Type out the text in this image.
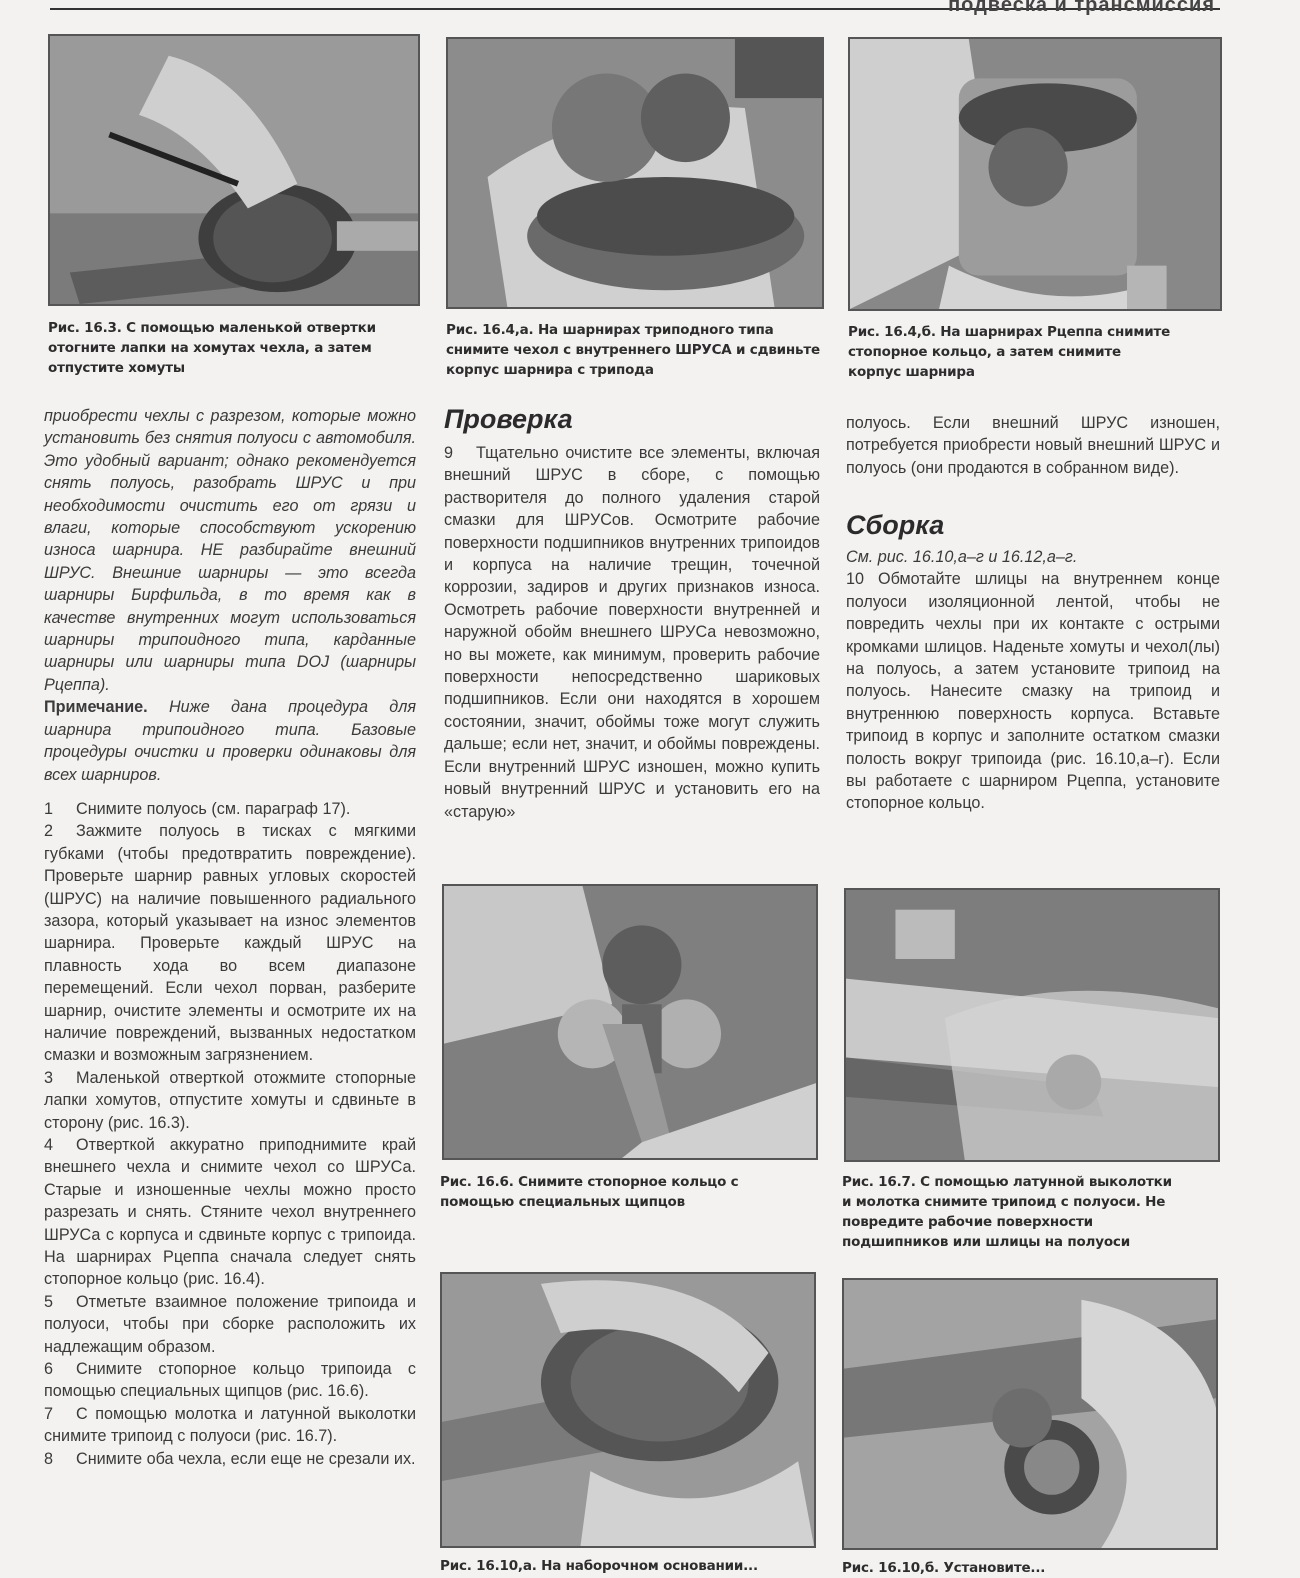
подвеска и трансмиссия
Рис. 16.3. С помощью маленькой отвертки отогните лапки на хомутах чехла, а затем отпустите хомуты
Рис. 16.4,а. На шарнирах триподного типа снимите чехол с внутреннего ШРУСА и сдвиньте корпус шарнира с трипода
Рис. 16.4,б. На шарнирах Рцеппа снимите стопорное кольцо, а затем снимите корпус шарнира

приобрести чехлы с разрезом, которые можно установить без снятия полуоси с автомобиля. Это удобный вариант; однако рекомендуется снять полуось, разобрать ШРУС и при необходимости очистить его от грязи и влаги, которые способствуют ускорению износа шарнира. НЕ разбирайте внешний ШРУС. Внешние шарниры — это всегда шарниры Бирфильда, в то время как в качестве внутренних могут использоваться шарниры трипоидного типа, карданные шарниры или шарниры типа DOJ (шарниры Рцеппа).

Примечание. Ниже дана процедура для шарнира трипоидного типа. Базовые процедуры очистки и проверки одинаковы для всех шарниров.

1 Снимите полуось (см. параграф 17).

2 Зажмите полуось в тисках с мягкими губками (чтобы предотвратить повреждение). Проверьте шарнир равных угловых скоростей (ШРУС) на наличие повышенного радиального зазора, который указывает на износ элементов шарнира. Проверьте каждый ШРУС на плавность хода во всем диапазоне перемещений. Если чехол порван, разберите шарнир, очистите элементы и осмотрите их на наличие повреждений, вызванных недостатком смазки и возможным загрязнением.

3 Маленькой отверткой отожмите стопорные лапки хомутов, отпустите хомуты и сдвиньте в сторону (рис. 16.3).

4 Отверткой аккуратно приподнимите край внешнего чехла и снимите чехол со ШРУСа. Старые и изношенные чехлы можно просто разрезать и снять. Стяните чехол внутреннего ШРУСа с корпуса и сдвиньте корпус с трипоида. На шарнирах Рцеппа сначала следует снять стопорное кольцо (рис. 16.4).

5 Отметьте взаимное положение трипоида и полуоси, чтобы при сборке расположить их надлежащим образом.

6 Снимите стопорное кольцо трипоида с помощью специальных щипцов (рис. 16.6).

7 С помощью молотка и латунной выколотки снимите трипоид с полуоси (рис. 16.7).

8 Снимите оба чехла, если еще не срезали их.

Проверка

9 Тщательно очистите все элементы, включая внешний ШРУС в сборе, с помощью растворителя до полного удаления старой смазки для ШРУСов. Осмотрите рабочие поверхности подшипников внутренних трипоидов и корпуса на наличие трещин, точечной коррозии, задиров и других признаков износа. Осмотреть рабочие поверхности внутренней и наружной обойм внешнего ШРУСа невозможно, но вы можете, как минимум, проверить рабочие поверхности непосредственно шариковых подшипников. Если они находятся в хорошем состоянии, значит, обоймы тоже могут служить дальше; если нет, значит, и обоймы повреждены. Если внутренний ШРУС изношен, можно купить новый внутренний ШРУС и установить его на «старую»

полуось. Если внешний ШРУС изношен, потребуется приобрести новый внешний ШРУС и полуось (они продаются в собранном виде).

Сборка

См. рис. 16.10,а–г и 16.12,а–г.

10 Обмотайте шлицы на внутреннем конце полуоси изоляционной лентой, чтобы не повредить чехлы при их контакте с острыми кромками шлицов. Наденьте хомуты и чехол(лы) на полуось, а затем установите трипоид на полуось. Нанесите смазку на трипоид и внутреннюю поверхность корпуса. Вставьте трипоид в корпус и заполните остатком смазки полость вокруг трипоида (рис. 16.10,а–г). Если вы работаете с шарниром Рцеппа, установите стопорное кольцо.

Рис. 16.6. Снимите стопорное кольцо с помощью специальных щипцов
Рис. 16.7. С помощью латунной выколотки и молотка снимите трипоид с полуоси. Не повредите рабочие поверхности подшипников или шлицы на полуоси
Рис. 16.10,а. На наборочном основании...	Рис. 16.10,б. Установите...
